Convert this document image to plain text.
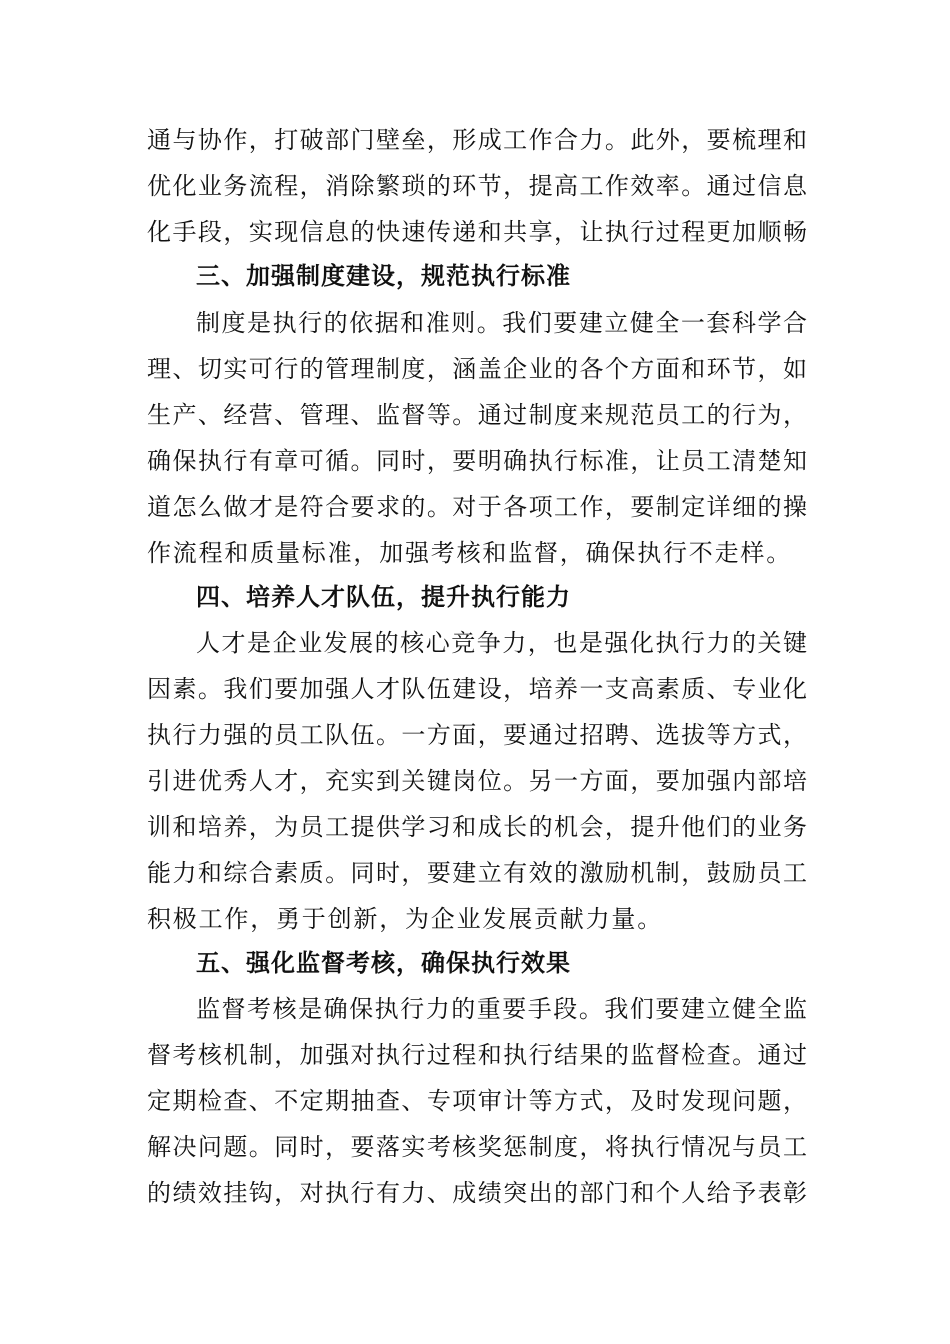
通与协作，打破部门壁垒，形成工作合力。此外，要梳理和
优化业务流程，消除繁琐的环节，提高工作效率。通过信息
化手段，实现信息的快速传递和共享，让执行过程更加顺畅
三、加强制度建设，规范执行标准
制度是执行的依据和准则。我们要建立健全一套科学合
理、切实可行的管理制度，涵盖企业的各个方面和环节，如
生产、经营、管理、监督等。通过制度来规范员工的行为，
确保执行有章可循。同时，要明确执行标准，让员工清楚知
道怎么做才是符合要求的。对于各项工作，要制定详细的操
作流程和质量标准，加强考核和监督，确保执行不走样。
四、培养人才队伍，提升执行能力
人才是企业发展的核心竞争力，也是强化执行力的关键
因素。我们要加强人才队伍建设，培养一支高素质、专业化
执行力强的员工队伍。一方面，要通过招聘、选拔等方式，
引进优秀人才，充实到关键岗位。另一方面，要加强内部培
训和培养，为员工提供学习和成长的机会，提升他们的业务
能力和综合素质。同时，要建立有效的激励机制，鼓励员工
积极工作，勇于创新，为企业发展贡献力量。
五、强化监督考核，确保执行效果
监督考核是确保执行力的重要手段。我们要建立健全监
督考核机制，加强对执行过程和执行结果的监督检查。通过
定期检查、不定期抽查、专项审计等方式，及时发现问题，
解决问题。同时，要落实考核奖惩制度，将执行情况与员工
的绩效挂钩，对执行有力、成绩突出的部门和个人给予表彰
